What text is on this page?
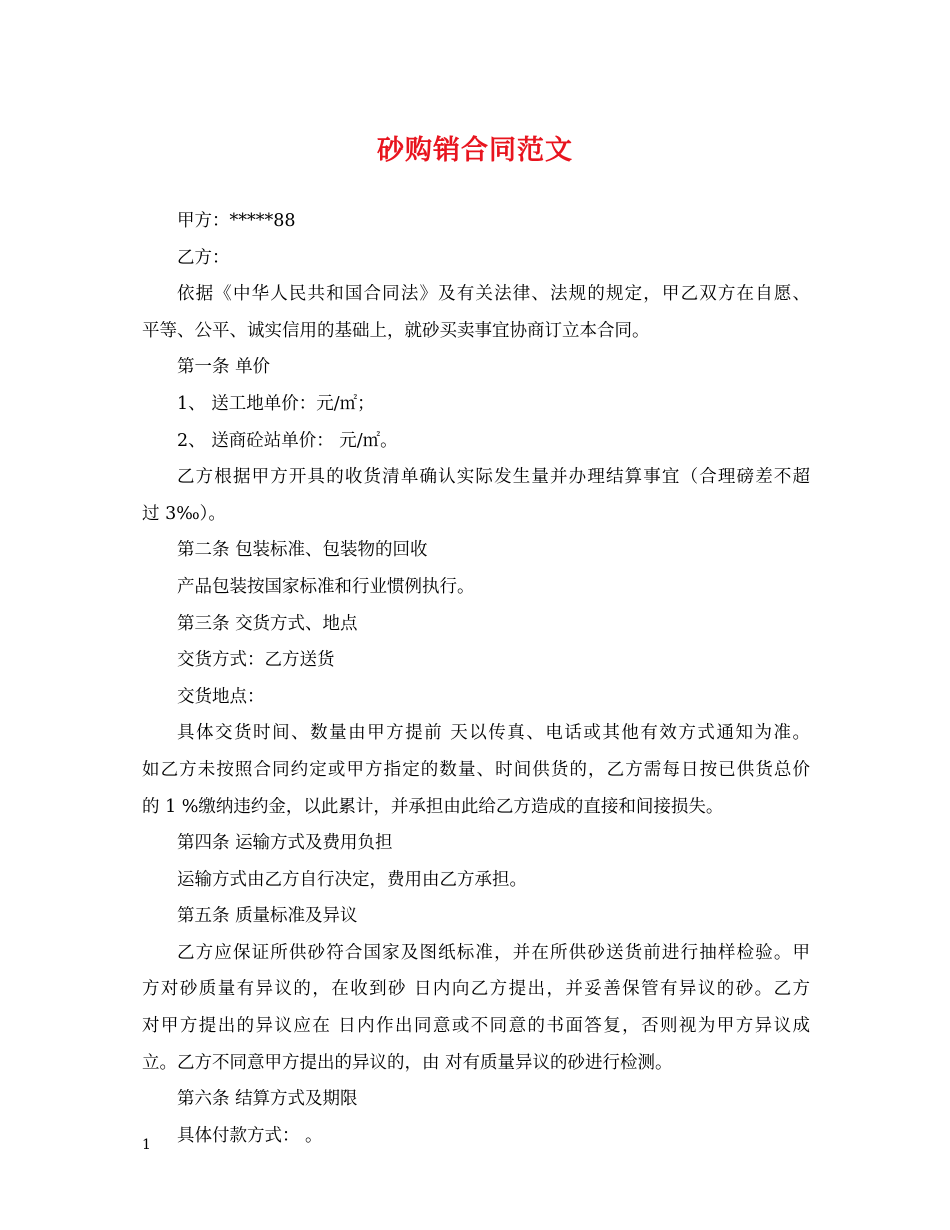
砂购销合同范文
甲方：*****88
乙方：
依据《中华人民共和国合同法》及有关法律、法规的规定，甲乙双方在自愿、
平等、公平、诚实信用的基础上，就砂买卖事宜协商订立本合同。
第一条 单价
1、 送工地单价：元/㎡；
2、 送商砼站单价： 元/㎡。
乙方根据甲方开具的收货清单确认实际发生量并办理结算事宜（合理磅差不超
过 3‰）。
第二条 包装标准、包装物的回收
产品包装按国家标准和行业惯例执行。
第三条 交货方式、地点
交货方式：乙方送货
交货地点：
具体交货时间、数量由甲方提前 天以传真、电话或其他有效方式通知为准。
如乙方未按照合同约定或甲方指定的数量、时间供货的，乙方需每日按已供货总价
的 1 %缴纳违约金，以此累计，并承担由此给乙方造成的直接和间接损失。
第四条 运输方式及费用负担
运输方式由乙方自行决定，费用由乙方承担。
第五条 质量标准及异议
乙方应保证所供砂符合国家及图纸标准，并在所供砂送货前进行抽样检验。甲
方对砂质量有异议的，在收到砂 日内向乙方提出，并妥善保管有异议的砂。乙方
对甲方提出的异议应在 日内作出同意或不同意的书面答复，否则视为甲方异议成
立。乙方不同意甲方提出的异议的，由 对有质量异议的砂进行检测。
第六条 结算方式及期限
具体付款方式： 。
1
